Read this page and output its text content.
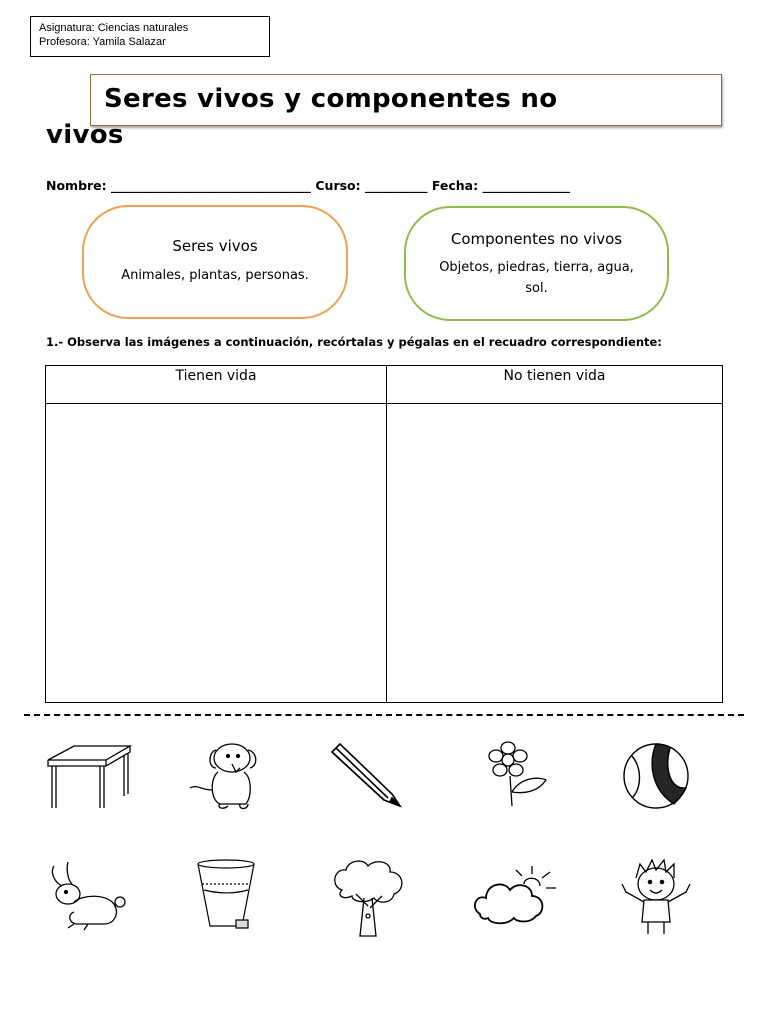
Asignatura: Ciencias naturales
Profesora: Yamila Salazar
Seres vivos y componentes no
vivos
Nombre: ________________________________ Curso: __________ Fecha: ______________
Seres vivos
Animales, plantas, personas.
Componentes no vivos
Objetos, piedras, tierra, agua,
sol.
1.- Observa las imágenes a continuación, recórtalas y pégalas en el recuadro correspondiente:
Tienen vida	No tienen vida
